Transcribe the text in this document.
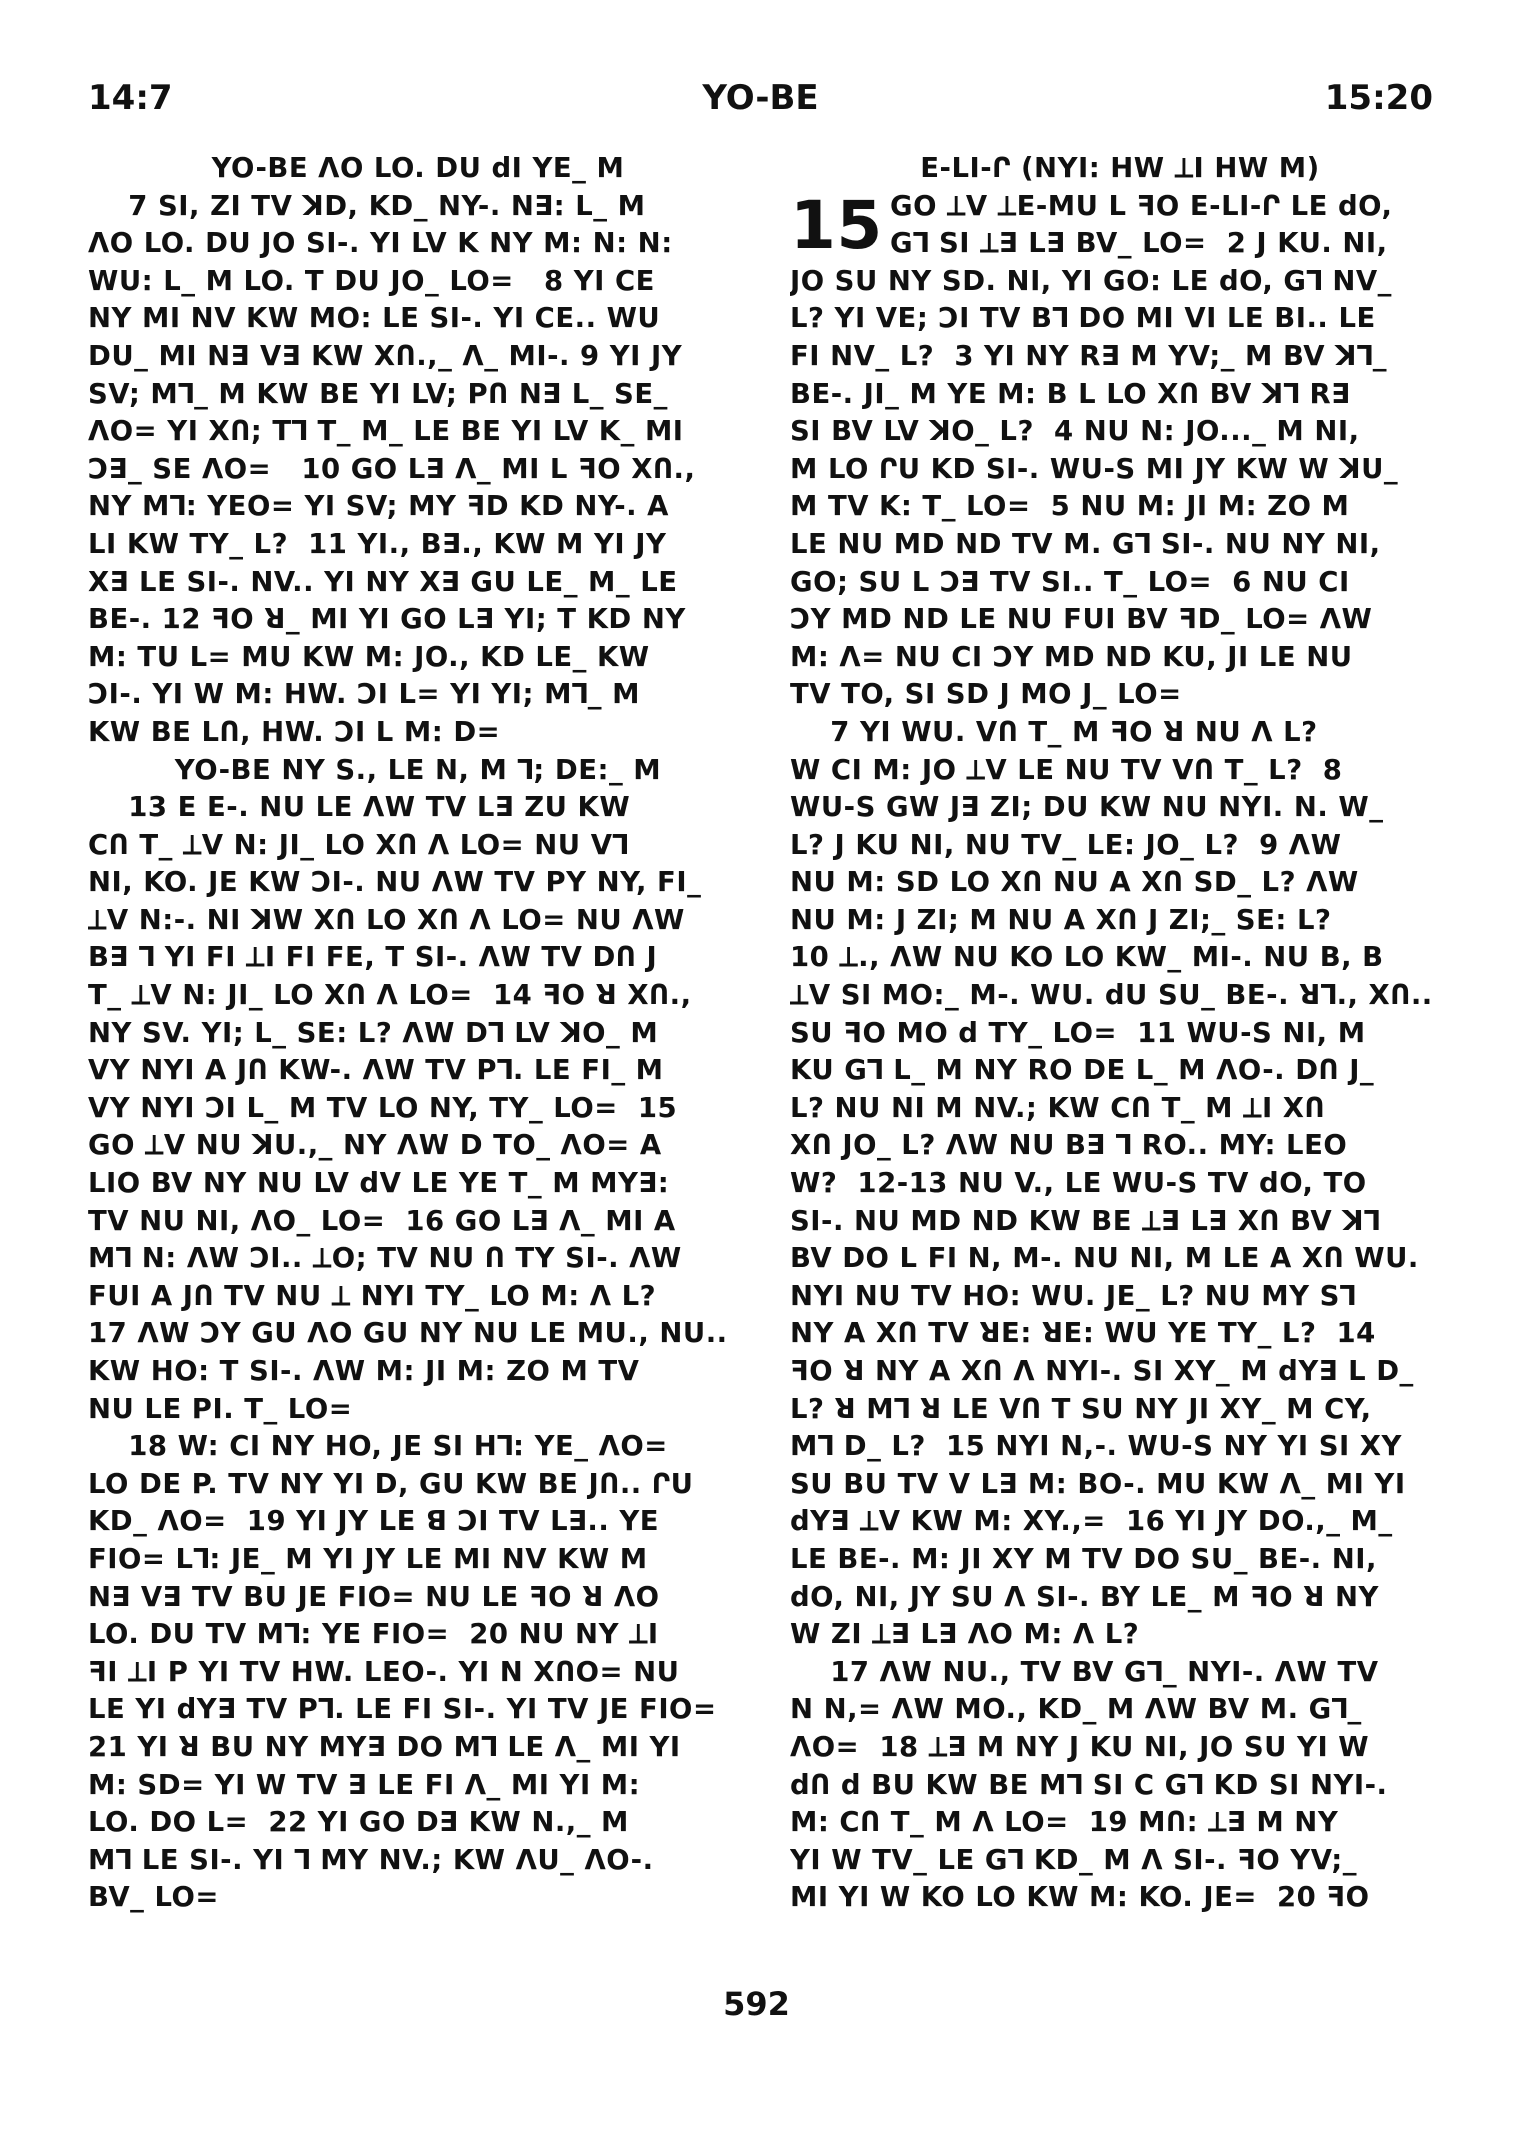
14:7	YO-BE	15:20
YO-BE ΛO LO. DU dI YE_ M
7 SI, ZI TV ꓘD, KD_ NY-. N∃: L_ M
ΛO LO. DU JO SI-. YI LV K NY M: N: N:
WU: L_ M LO. T DU JO_ LO=   8 YI CE
NY MI NV KW MO: LE SI-. YI CE.. WU
DU_ MI N∃ V∃ KW XՈ.,_ Λ_ MI-. 9 YI JY
SV; M⅂_ M KW BE YI LV; PՈ N∃ L_ SE_
ΛO= YI XՈ; T⅂ T_ M_ LE BE YI LV K_ MI
Ɔ∃_ SE ΛO=   10 GO L∃ Λ_ MI L ꟻO XՈ.,
NY M⅂: YEO= YI SV; MY ꟻD KD NY-. A
LI KW TY_ L?  11 YI., B∃., KW M YI JY
X∃ LE SI-. NV.. YI NY X∃ GU LE_ M_ LE
BE-. 12 ꟻO ꓤ_ MI YI GO L∃ YI; T KD NY
M: TU L= MU KW M: JO., KD LE_ KW
ƆI-. YI W M: HW. ƆI L= YI YI; M⅂_ M
KW BE LՈ, HW. ƆI L M: D=
YO-BE NY S., LE N, M ⅂; DE:_ M
13 E E-. NU LE ΛW TV L∃ ZU KW
CՈ T_ ⟂V N: JI_ LO XՈ Λ LO= NU V⅂
NI, KO. JE KW ƆI-. NU ΛW TV PY NY, FI_
⟂V N:-. NI ꓘW XՈ LO XՈ Λ LO= NU ΛW
B∃ ⅂ YI FI ⟂I FI FE, T SI-. ΛW TV DՈ J
T_ ⟂V N: JI_ LO XՈ Λ LO=  14 ꟻO ꓤ XՈ.,
NY SV. YI; L_ SE: L? ΛW D⅂ LV ꓘO_ M
VY NYI A JՈ KW-. ΛW TV P⅂. LE FI_ M
VY NYI ƆI L_ M TV LO NY, TY_ LO=  15
GO ⟂V NU ꓘU.,_ NY ΛW D TO_ ΛO= A
LIO BV NY NU LV dV LE YE T_ M MY∃:
TV NU NI, ΛO_ LO=  16 GO L∃ Λ_ MI A
M⅂ N: ΛW ƆI.. ⟂O; TV NU Ո TY SI-. ΛW
FUI A JՈ TV NU ⟂ NYI TY_ LO M: Λ L?
17 ΛW ƆY GU ΛO GU NY NU LE MU., NU..
KW HO: T SI-. ΛW M: JI M: ZO M TV
NU LE PI. T_ LO=
18 W: CI NY HO, JE SI H⅂: YE_ ΛO=
LO DE P. TV NY YI D, GU KW BE JՈ.. ՐU
KD_ ΛO=  19 YI JY LE ꓭ ƆI TV L∃.. YE
FIO= L⅂: JE_ M YI JY LE MI NV KW M
N∃ V∃ TV BU JE FIO= NU LE ꟻO ꓤ ΛO
LO. DU TV M⅂: YE FIO=  20 NU NY ⟂I
ꟻI ⟂I P YI TV HW. LEO-. YI N XՈO= NU
LE YI dY∃ TV P⅂. LE FI SI-. YI TV JE FIO=
21 YI ꓤ BU NY MY∃ DO M⅂ LE Λ_ MI YI
M: SD= YI W TV ∃ LE FI Λ_ MI YI M:
LO. DO L=  22 YI GO D∃ KW N.,_ M
M⅂ LE SI-. YI ⅂ MY NV.; KW ΛU_ ΛO-.
BV_ LO=
E-LI-Ր (NYI: HW ⟂I HW M)
15 GO ⟂V ⟂E-MU L ꟻO E-LI-Ր LE dO,
G⅂ SI ⟂∃ L∃ BV_ LO=  2 J KU. NI,
JO SU NY SD. NI, YI GO: LE dO, G⅂ NV_
L? YI VE; ƆI TV B⅂ DO MI VI LE BI.. LE
FI NV_ L?  3 YI NY R∃ M YV;_ M BV ꓘ⅂_
BE-. JI_ M YE M: B L LO XՈ BV ꓘ⅂ R∃
SI BV LV ꓘO_ L?  4 NU N: JO..._ M NI,
M LO ՐU KD SI-. WU-S MI JY KW W ꓘU_
M TV K: T_ LO=  5 NU M: JI M: ZO M
LE NU MD ND TV M. G⅂ SI-. NU NY NI,
GO; SU L Ɔ∃ TV SI.. T_ LO=  6 NU CI
ƆY MD ND LE NU FUI BV ꟻD_ LO= ΛW
M: Λ= NU CI ƆY MD ND KU, JI LE NU
TV TO, SI SD J MO J_ LO=
7 YI WU. VՈ T_ M ꟻO ꓤ NU Λ L?
W CI M: JO ⟂V LE NU TV VՈ T_ L?  8
WU-S GW J∃ ZI; DU KW NU NYI. N. W_
L? J KU NI, NU TV_ LE: JO_ L?  9 ΛW
NU M: SD LO XՈ NU A XՈ SD_ L? ΛW
NU M: J ZI; M NU A XՈ J ZI;_ SE: L?
10 ⟂., ΛW NU KO LO KW_ MI-. NU B, B
⟂V SI MO:_ M-. WU. dU SU_ BE-. ꓤ⅂., XՈ..
SU ꟻO MO d TY_ LO=  11 WU-S NI, M
KU G⅂ L_ M NY RO DE L_ M ΛO-. DՈ J_
L? NU NI M NV.; KW CՈ T_ M ⟂I XՈ
XՈ JO_ L? ΛW NU B∃ ⅂ RO.. MY: LEO
W?  12-13 NU V., LE WU-S TV dO, TO
SI-. NU MD ND KW BE ⟂∃ L∃ XՈ BV ꓘ⅂
BV DO L FI N, M-. NU NI, M LE A XՈ WU.
NYI NU TV HO: WU. JE_ L? NU MY S⅂
NY A XՈ TV ꓤE: ꓤE: WU YE TY_ L?  14
ꟻO ꓤ NY A XՈ Λ NYI-. SI XY_ M dY∃ L D_
L? ꓤ M⅂ ꓤ LE VՈ T SU NY JI XY_ M CY,
M⅂ D_ L?  15 NYI N,-. WU-S NY YI SI XY
SU BU TV V L∃ M: BO-. MU KW Λ_ MI YI
dY∃ ⟂V KW M: XY.,=  16 YI JY DO.,_ M_
LE BE-. M: JI XY M TV DO SU_ BE-. NI,
dO, NI, JY SU Λ SI-. BY LE_ M ꟻO ꓤ NY
W ZI ⟂∃ L∃ ΛO M: Λ L?
17 ΛW NU., TV BV G⅂_ NYI-. ΛW TV
N N,= ΛW MO., KD_ M ΛW BV M. G⅂_
ΛO=  18 ⟂∃ M NY J KU NI, JO SU YI W
dՈ d BU KW BE M⅂ SI C G⅂ KD SI NYI-.
M: CՈ T_ M Λ LO=  19 MՈ: ⟂∃ M NY
YI W TV_ LE G⅂ KD_ M Λ SI-. ꟻO YV;_
MI YI W KO LO KW M: KO. JE=  20 ꟻO
592
